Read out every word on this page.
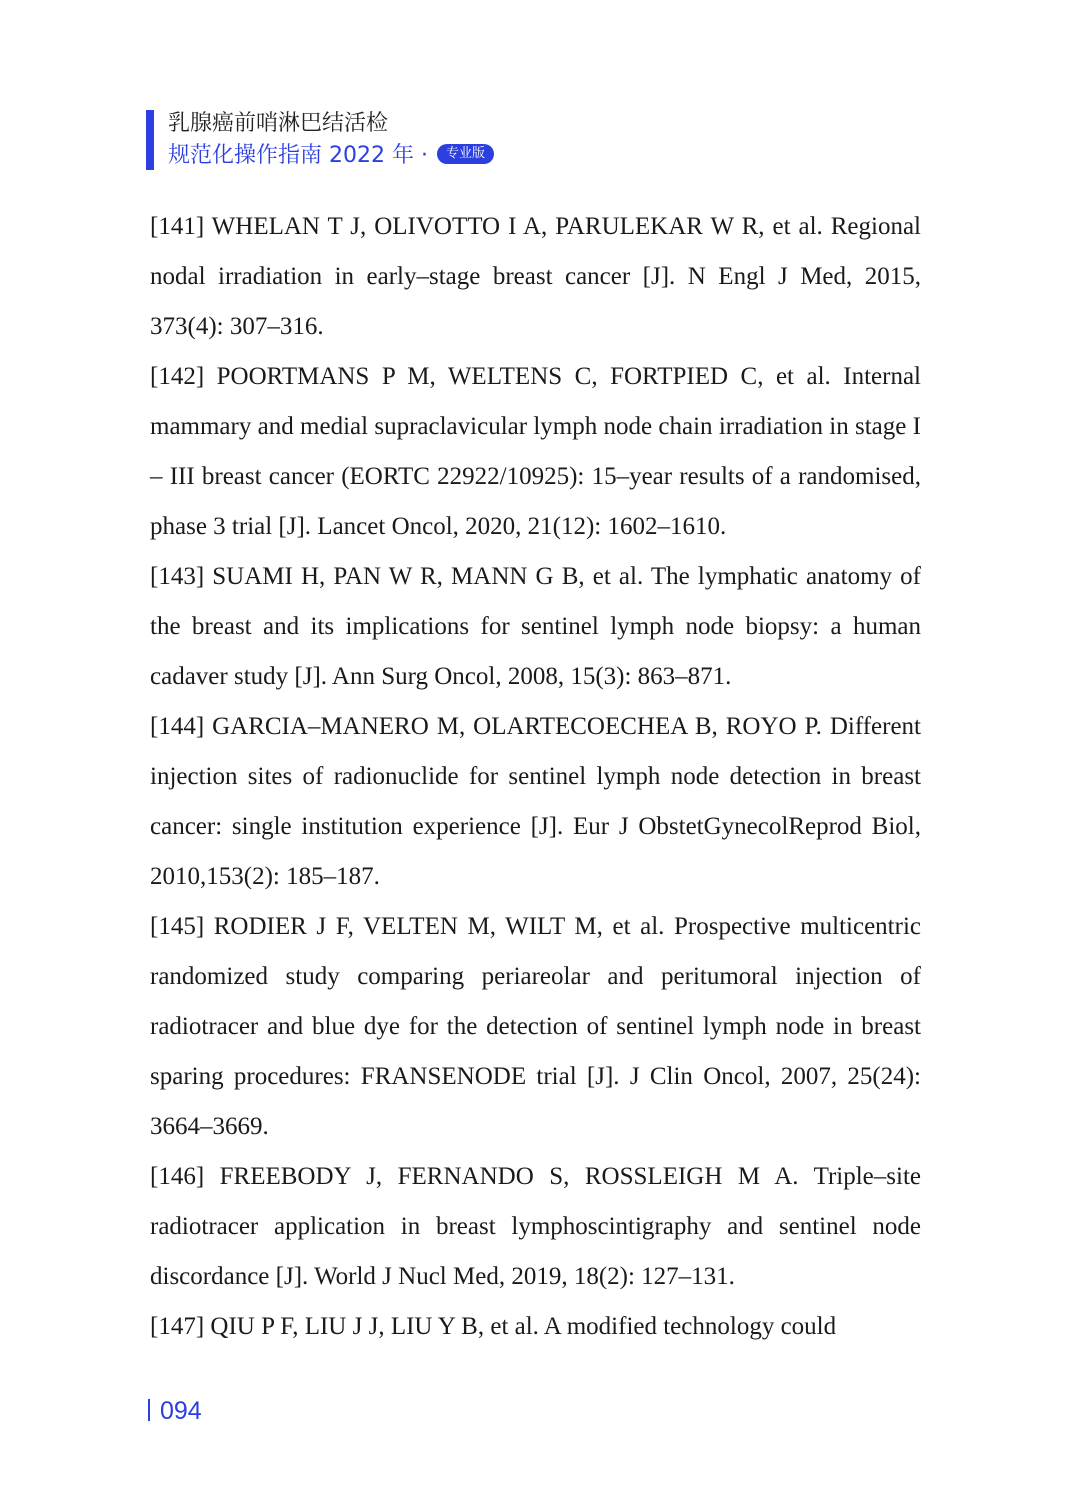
乳腺癌前哨淋巴结活检
规范化操作指南 2022 年 · 专业版

[141] WHELAN T J, OLIVOTTO I A, PARULEKAR W R, et al. Regional nodal irradiation in early–stage breast cancer [J]. N Engl J Med, 2015, 373(4): 307–316.

[142] POORTMANS P M, WELTENS C, FORTPIED C, et al. Internal mammary and medial supraclavicular lymph node chain irradiation in stage I – III breast cancer (EORTC 22922/10925): 15–year results of a randomised, phase 3 trial [J]. Lancet Oncol, 2020, 21(12): 1602–1610.

[143] SUAMI H, PAN W R, MANN G B, et al. The lymphatic anatomy of the breast and its implications for sentinel lymph node biopsy: a human cadaver study [J]. Ann Surg Oncol, 2008, 15(3): 863–871.

[144] GARCIA–MANERO M, OLARTECOECHEA B, ROYO P. Different injection sites of radionuclide for sentinel lymph node detection in breast cancer: single institution experience [J]. Eur J ObstetGynecolReprod Biol, 2010,153(2): 185–187.

[145] RODIER J F, VELTEN M, WILT M, et al. Prospective multicentric randomized study comparing periareolar and peritumoral injection of radiotracer and blue dye for the detection of sentinel lymph node in breast sparing procedures: FRANSENODE trial [J]. J Clin Oncol, 2007, 25(24): 3664–3669.

[146] FREEBODY J, FERNANDO S, ROSSLEIGH M A. Triple–site radiotracer application in breast lymphoscintigraphy and sentinel node discordance [J]. World J Nucl Med, 2019, 18(2): 127–131.

[147] QIU P F, LIU J J, LIU Y B, et al. A modified technology could

094
